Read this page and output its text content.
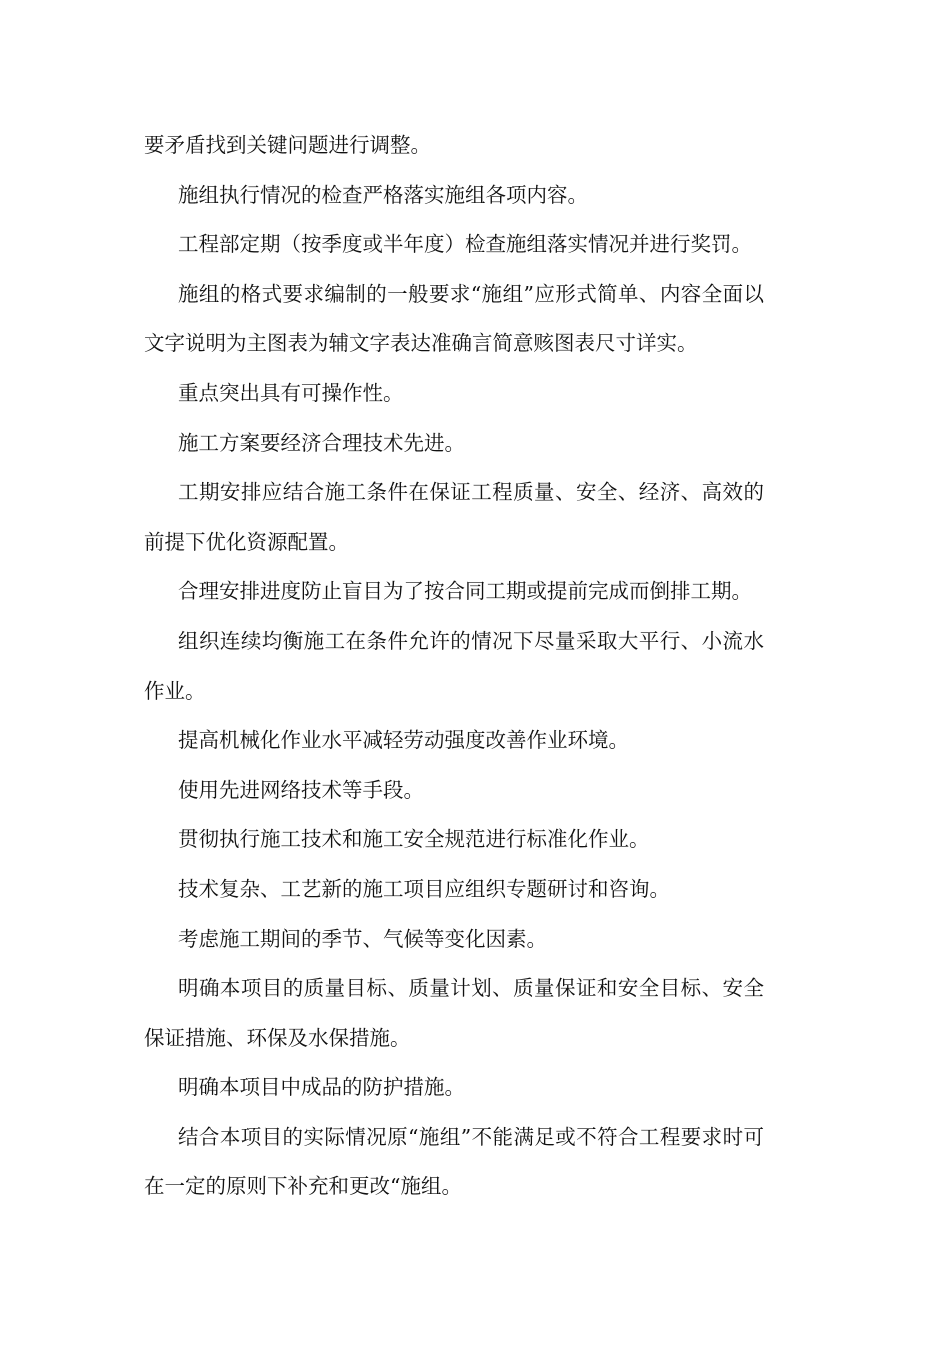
要矛盾找到关键问题进行调整。

施组执行情况的检查严格落实施组各项内容。

工程部定期（按季度或半年度）检查施组落实情况并进行奖罚。

施组的格式要求编制的一般要求“施组”应形式简单、内容全面以文字说明为主图表为辅文字表达准确言简意赅图表尺寸详实。

重点突出具有可操作性。

施工方案要经济合理技术先进。

工期安排应结合施工条件在保证工程质量、安全、经济、高效的前提下优化资源配置。

合理安排进度防止盲目为了按合同工期或提前完成而倒排工期。

组织连续均衡施工在条件允许的情况下尽量采取大平行、小流水作业。

提高机械化作业水平减轻劳动强度改善作业环境。

使用先进网络技术等手段。

贯彻执行施工技术和施工安全规范进行标准化作业。

技术复杂、工艺新的施工项目应组织专题研讨和咨询。

考虑施工期间的季节、气候等变化因素。

明确本项目的质量目标、质量计划、质量保证和安全目标、安全保证措施、环保及水保措施。

明确本项目中成品的防护措施。

结合本项目的实际情况原“施组”不能满足或不符合工程要求时可在一定的原则下补充和更改“施组。
